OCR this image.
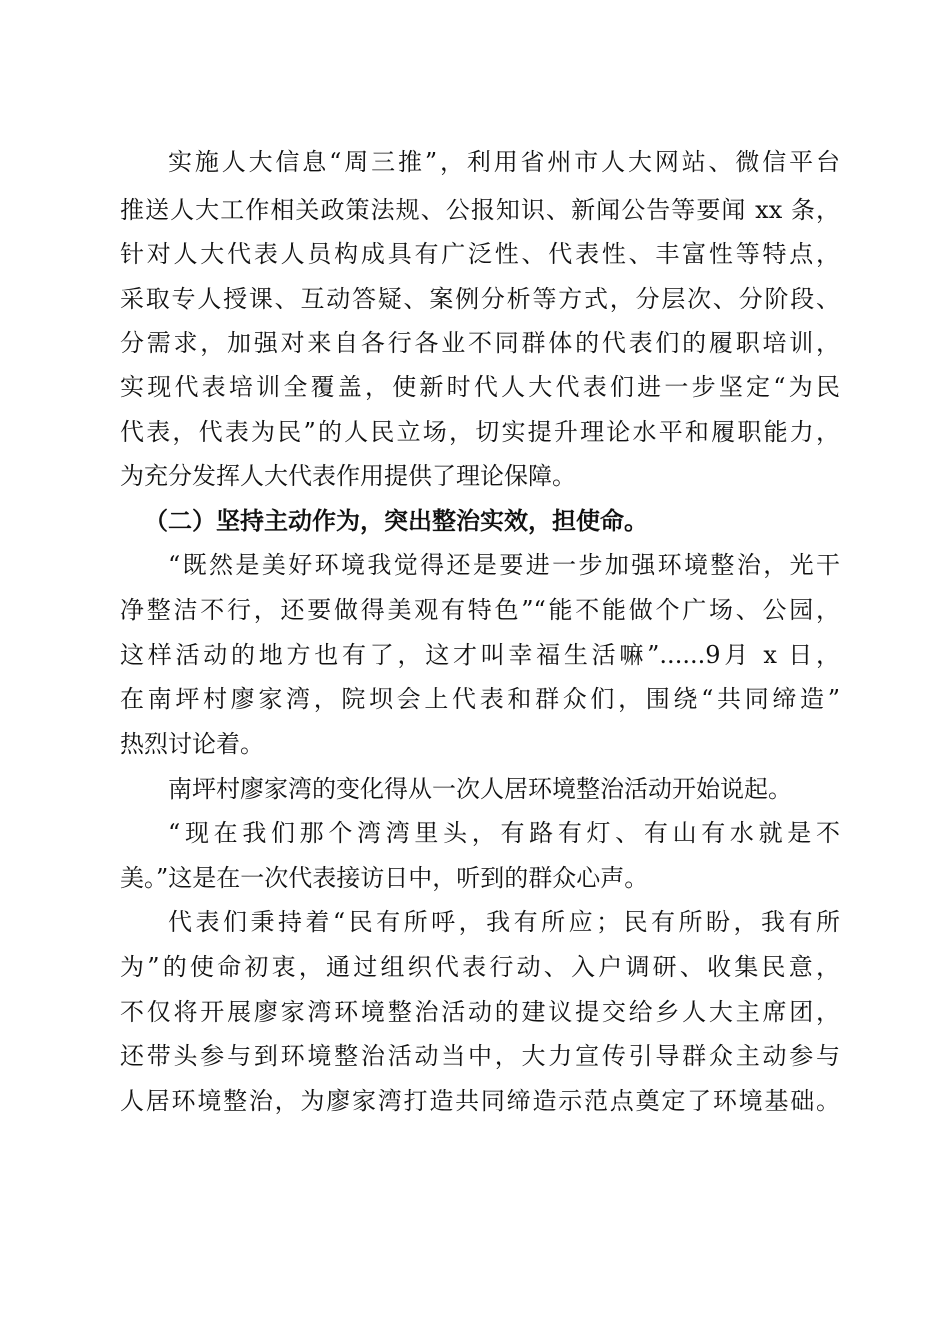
实施人大信息“周三推”，利用省州市人大网站、微信平台
推送人大工作相关政策法规、公报知识、新闻公告等要闻 xx 条，
针对人大代表人员构成具有广泛性、代表性、丰富性等特点，
采取专人授课、互动答疑、案例分析等方式，分层次、分阶段、
分需求，加强对来自各行各业不同群体的代表们的履职培训，
实现代表培训全覆盖，使新时代人大代表们进一步坚定“为民
代表，代表为民”的人民立场，切实提升理论水平和履职能力，
为充分发挥人大代表作用提供了理论保障。
（二）坚持主动作为，突出整治实效，担使命。
“既然是美好环境我觉得还是要进一步加强环境整治，光干
净整洁不行，还要做得美观有特色”“能不能做个广场、公园，
这样活动的地方也有了，这才叫幸福生活嘛”......9月 x 日，
在南坪村廖家湾，院坝会上代表和群众们，围绕“共同缔造”
热烈讨论着。
南坪村廖家湾的变化得从一次人居环境整治活动开始说起。
“现在我们那个湾湾里头，有路有灯、有山有水就是不
美。”这是在一次代表接访日中，听到的群众心声。
代表们秉持着“民有所呼，我有所应；民有所盼，我有所
为”的使命初衷，通过组织代表行动、入户调研、收集民意，
不仅将开展廖家湾环境整治活动的建议提交给乡人大主席团，
还带头参与到环境整治活动当中，大力宣传引导群众主动参与
人居环境整治，为廖家湾打造共同缔造示范点奠定了环境基础。
